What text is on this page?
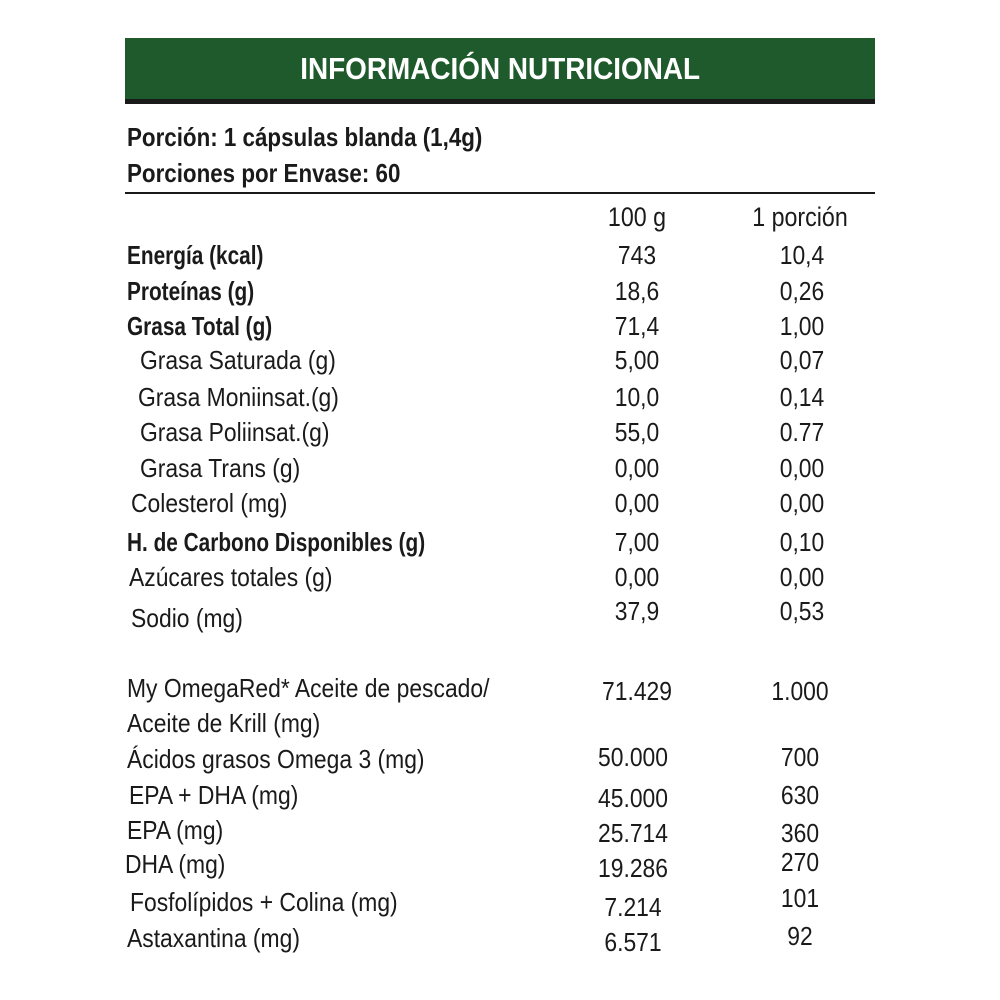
INFORMACIÓN NUTRICIONAL
Porción: 1 cápsulas blanda (1,4g)
Porciones por Envase: 60
100 g	1 porción
Energía (kcal)	743	10,4
Proteínas (g)	18,6	0,26
Grasa Total (g)	71,4	1,00
Grasa Saturada (g)	5,00	0,07
Grasa Moniinsat.(g)	10,0	0,14
Grasa Poliinsat.(g)	55,0	0.77
Grasa Trans (g)	0,00	0,00
Colesterol (mg)	0,00	0,00
H. de Carbono Disponibles (g)	7,00	0,10
Azúcares totales (g)	0,00	0,00
Sodio (mg)	37,9	0,53
My OmegaRed* Aceite de pescado/	71.429	1.000
Aceite de Krill (mg)
Ácidos grasos Omega 3 (mg)	50.000	700
EPA + DHA (mg)	45.000	630
EPA (mg)	25.714	360
DHA (mg)	19.286	270
Fosfolípidos + Colina (mg)	7.214	101
Astaxantina (mg)	6.571	92
